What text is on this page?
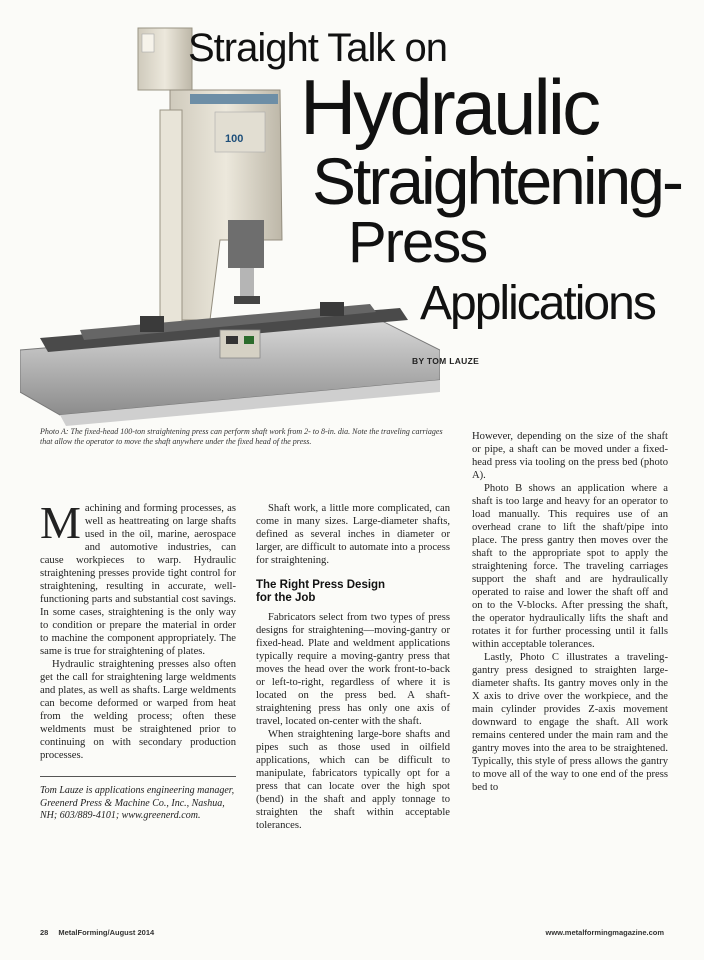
100
Straight Talk on
Hydraulic
Straightening-
Press
Applications
BY TOM LAUZE
Photo A: The fixed-head 100-ton straightening press can perform shaft work from 2- to 8-in. dia. Note the traveling carriages that allow the operator to move the shaft anywhere under the fixed head of the press.

Machining and forming processes, as well as heattreating on large shafts used in the oil, marine, aerospace and automotive industries, can cause workpieces to warp. Hydraulic straightening presses provide tight control for straightening, resulting in accurate, well-functioning parts and substantial cost savings. In some cases, straightening is the only way to condition or prepare the material in order to machine the component appropriately. The same is true for straightening of plates.

Hydraulic straightening presses also often get the call for straightening large weldments and plates, as well as shafts. Large weldments can become deformed or warped from heat from the welding process; often these weldments must be straightened prior to continuing on with secondary production processes.

Tom Lauze is applications engineering manager, Greenerd Press & Machine Co., Inc., Nashua, NH; 603/889-4101; www.greenerd.com.

Shaft work, a little more complicated, can come in many sizes. Large-diameter shafts, defined as several inches in diameter or larger, are difficult to automate into a process for straightening.

The Right Press Design
for the Job

Fabricators select from two types of press designs for straightening—moving-gantry or fixed-head. Plate and weldment applications typically require a moving-gantry press that moves the head over the work front-to-back or left-to-right, regardless of where it is located on the press bed. A shaft-straightening press has only one axis of travel, located on-center with the shaft.

When straightening large-bore shafts and pipes such as those used in oilfield applications, which can be difficult to manipulate, fabricators typically opt for a press that can locate over the high spot (bend) in the shaft and apply tonnage to straighten the shaft within acceptable tolerances.

However, depending on the size of the shaft or pipe, a shaft can be moved under a fixed-head press via tooling on the press bed (photo A).

Photo B shows an application where a shaft is too large and heavy for an operator to load manually. This requires use of an overhead crane to lift the shaft/pipe into place. The press gantry then moves over the shaft to the appropriate spot to apply the straightening force. The traveling carriages support the shaft and are hydraulically operated to raise and lower the shaft off and on to the V-blocks. After pressing the shaft, the operator hydraulically lifts the shaft and rotates it for further processing until it falls within acceptable tolerances.

Lastly, Photo C illustrates a traveling-gantry press designed to straighten large-diameter shafts. Its gantry moves only in the X axis to drive over the workpiece, and the main cylinder provides Z-axis movement downward to engage the shaft. All work remains centered under the main ram and the gantry moves into the area to be straightened. Typically, this style of press allows the gantry to move all of the way to one end of the press bed to

28 MetalForming/August 2014	www.metalformingmagazine.com
